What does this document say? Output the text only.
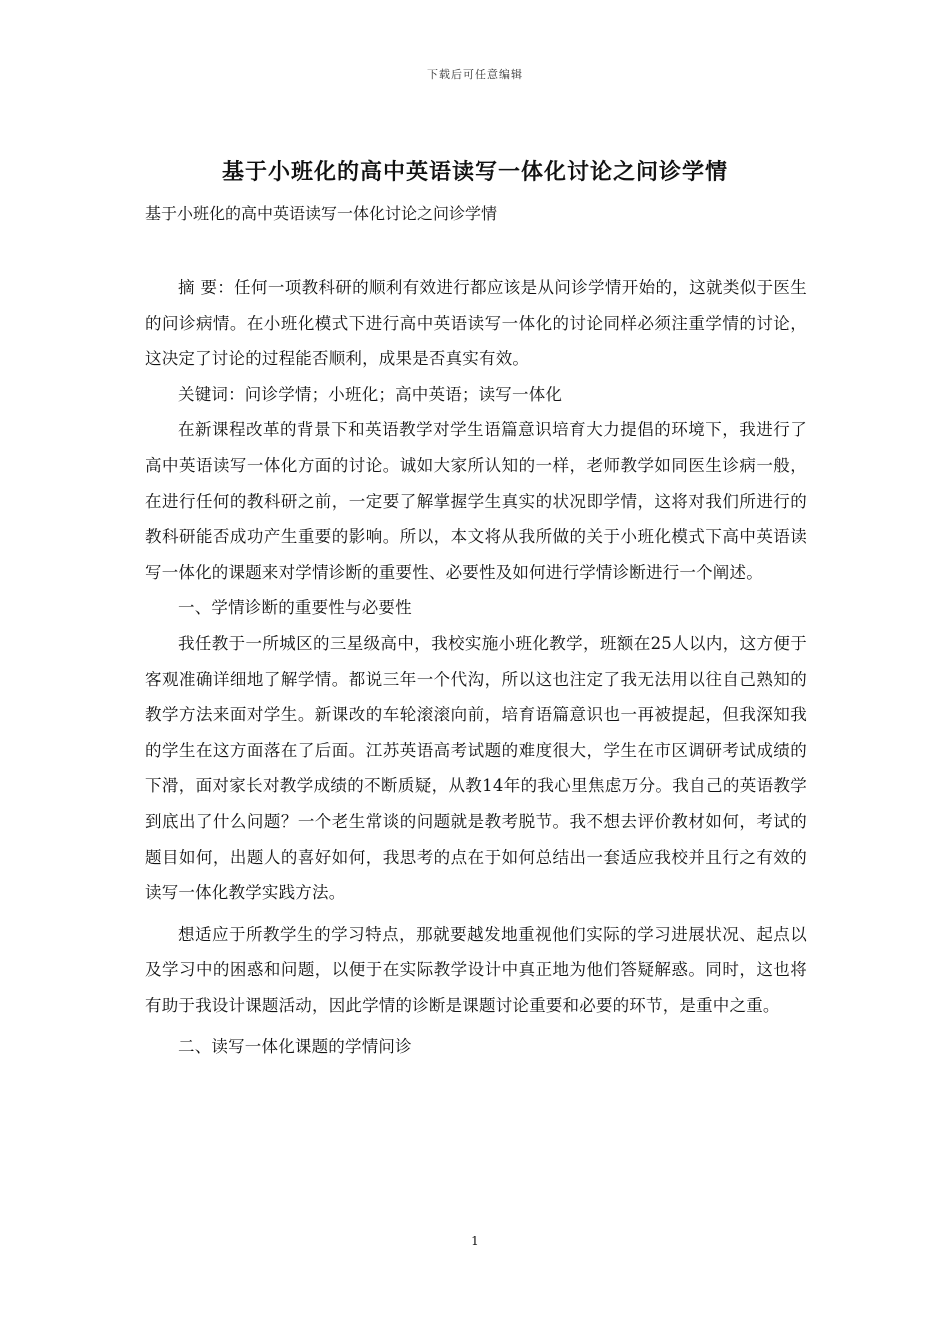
下载后可任意编辑
基于小班化的高中英语读写一体化讨论之问诊学情
基于小班化的高中英语读写一体化讨论之问诊学情

摘 要：任何一项教科研的顺利有效进行都应该是从问诊学情开始的，这就类似于医生的问诊病情。在小班化模式下进行高中英语读写一体化的讨论同样必须注重学情的讨论，这决定了讨论的过程能否顺利，成果是否真实有效。

关键词：问诊学情；小班化；高中英语；读写一体化

在新课程改革的背景下和英语教学对学生语篇意识培育大力提倡的环境下，我进行了高中英语读写一体化方面的讨论。诚如大家所认知的一样，老师教学如同医生诊病一般，在进行任何的教科研之前，一定要了解掌握学生真实的状况即学情，这将对我们所进行的教科研能否成功产生重要的影响。所以，本文将从我所做的关于小班化模式下高中英语读写一体化的课题来对学情诊断的重要性、必要性及如何进行学情诊断进行一个阐述。

一、学情诊断的重要性与必要性

我任教于一所城区的三星级高中，我校实施小班化教学，班额在25人以内，这方便于客观准确详细地了解学情。都说三年一个代沟，所以这也注定了我无法用以往自己熟知的教学方法来面对学生。新课改的车轮滚滚向前，培育语篇意识也一再被提起，但我深知我的学生在这方面落在了后面。江苏英语高考试题的难度很大，学生在市区调研考试成绩的下滑，面对家长对教学成绩的不断质疑，从教14年的我心里焦虑万分。我自己的英语教学到底出了什么问题？一个老生常谈的问题就是教考脱节。我不想去评价教材如何，考试的题目如何，出题人的喜好如何，我思考的点在于如何总结出一套适应我校并且行之有效的读写一体化教学实践方法。

想适应于所教学生的学习特点，那就要越发地重视他们实际的学习进展状况、起点以及学习中的困惑和问题，以便于在实际教学设计中真正地为他们答疑解惑。同时，这也将有助于我设计课题活动，因此学情的诊断是课题讨论重要和必要的环节，是重中之重。

二、读写一体化课题的学情问诊

1
